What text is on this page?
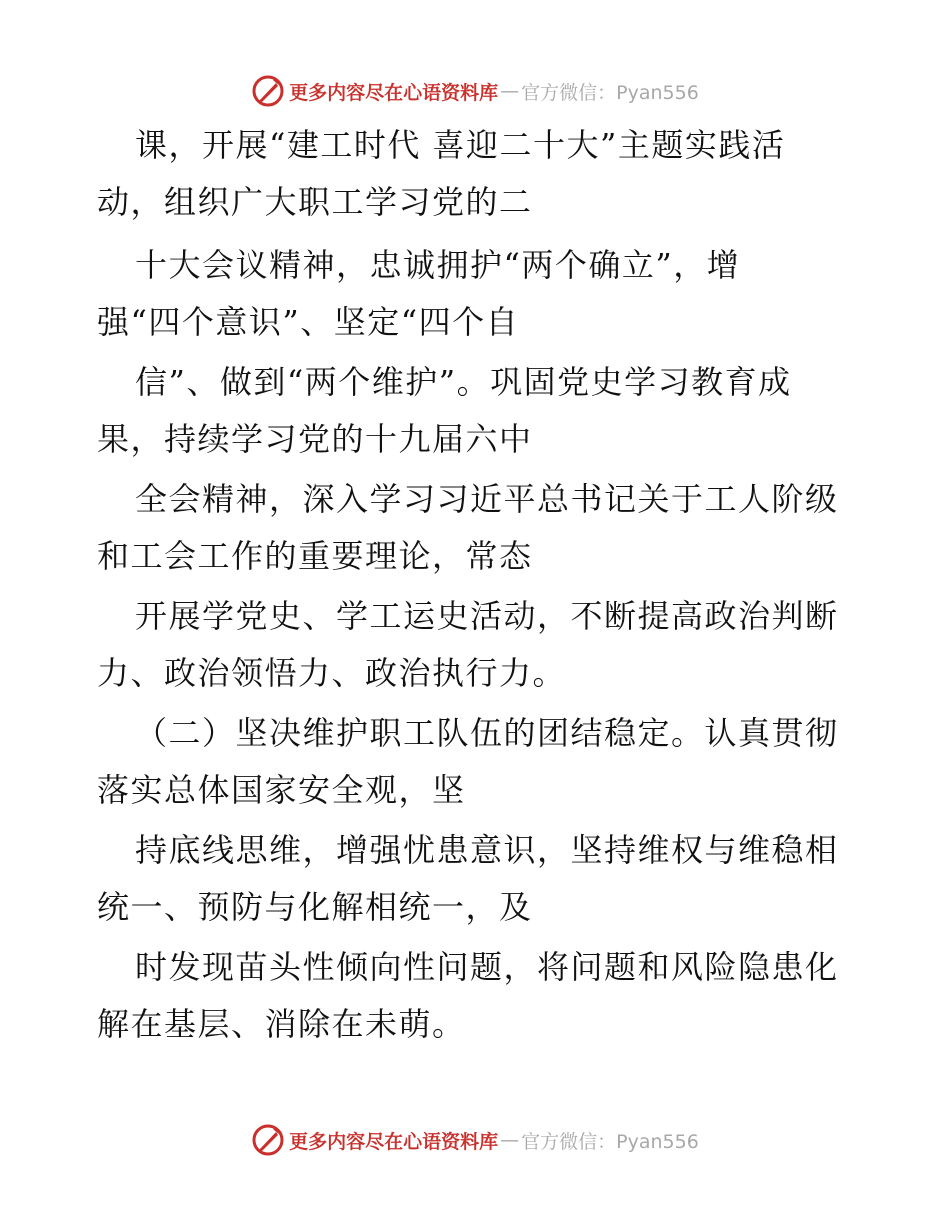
更多内容尽在心语资料库 — 官方微信：Pyan556
课，开展“建工时代 喜迎二十大”主题实践活
动，组织广大职工学习党的二
十大会议精神，忠诚拥护“两个确立”，增
强“四个意识”、坚定“四个自
信”、做到“两个维护”。巩固党史学习教育成
果，持续学习党的十九届六中
全会精神，深入学习习近平总书记关于工人阶级
和工会工作的重要理论，常态
开展学党史、学工运史活动，不断提高政治判断
力、政治领悟力、政治执行力。
（二）坚决维护职工队伍的团结稳定。认真贯彻
落实总体国家安全观，坚
持底线思维，增强忧患意识，坚持维权与维稳相
统一、预防与化解相统一，及
时发现苗头性倾向性问题，将问题和风险隐患化
解在基层、消除在未萌。
更多内容尽在心语资料库 — 官方微信：Pyan556
